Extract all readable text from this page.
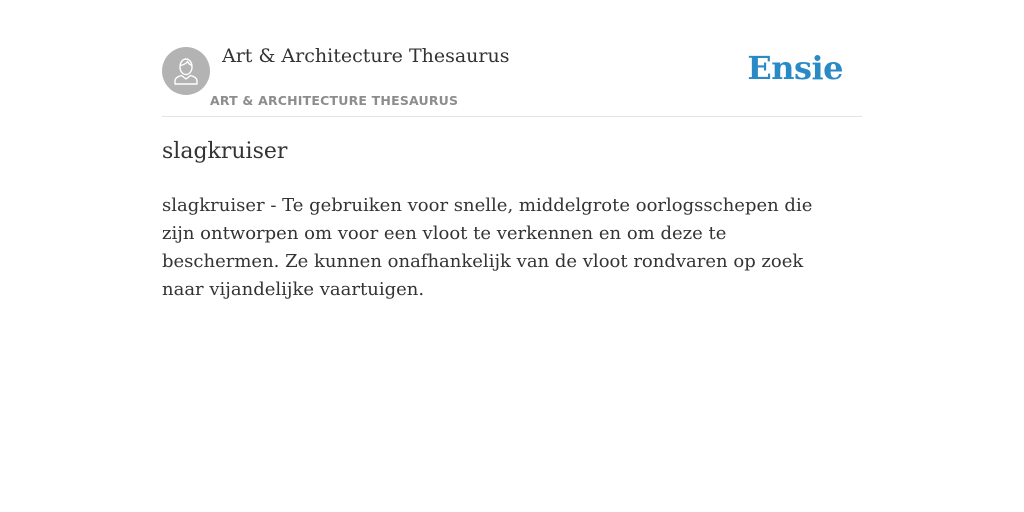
Art & Architecture Thesaurus
ART & ARCHITECTURE THESAURUS
Ensie
slagkruiser

slagkruiser - Te gebruiken voor snelle, middelgrote oorlogsschepen die zijn ontworpen om voor een vloot te verkennen en om deze te beschermen. Ze kunnen onafhankelijk van de vloot rondvaren op zoek naar vijandelijke vaartuigen.
